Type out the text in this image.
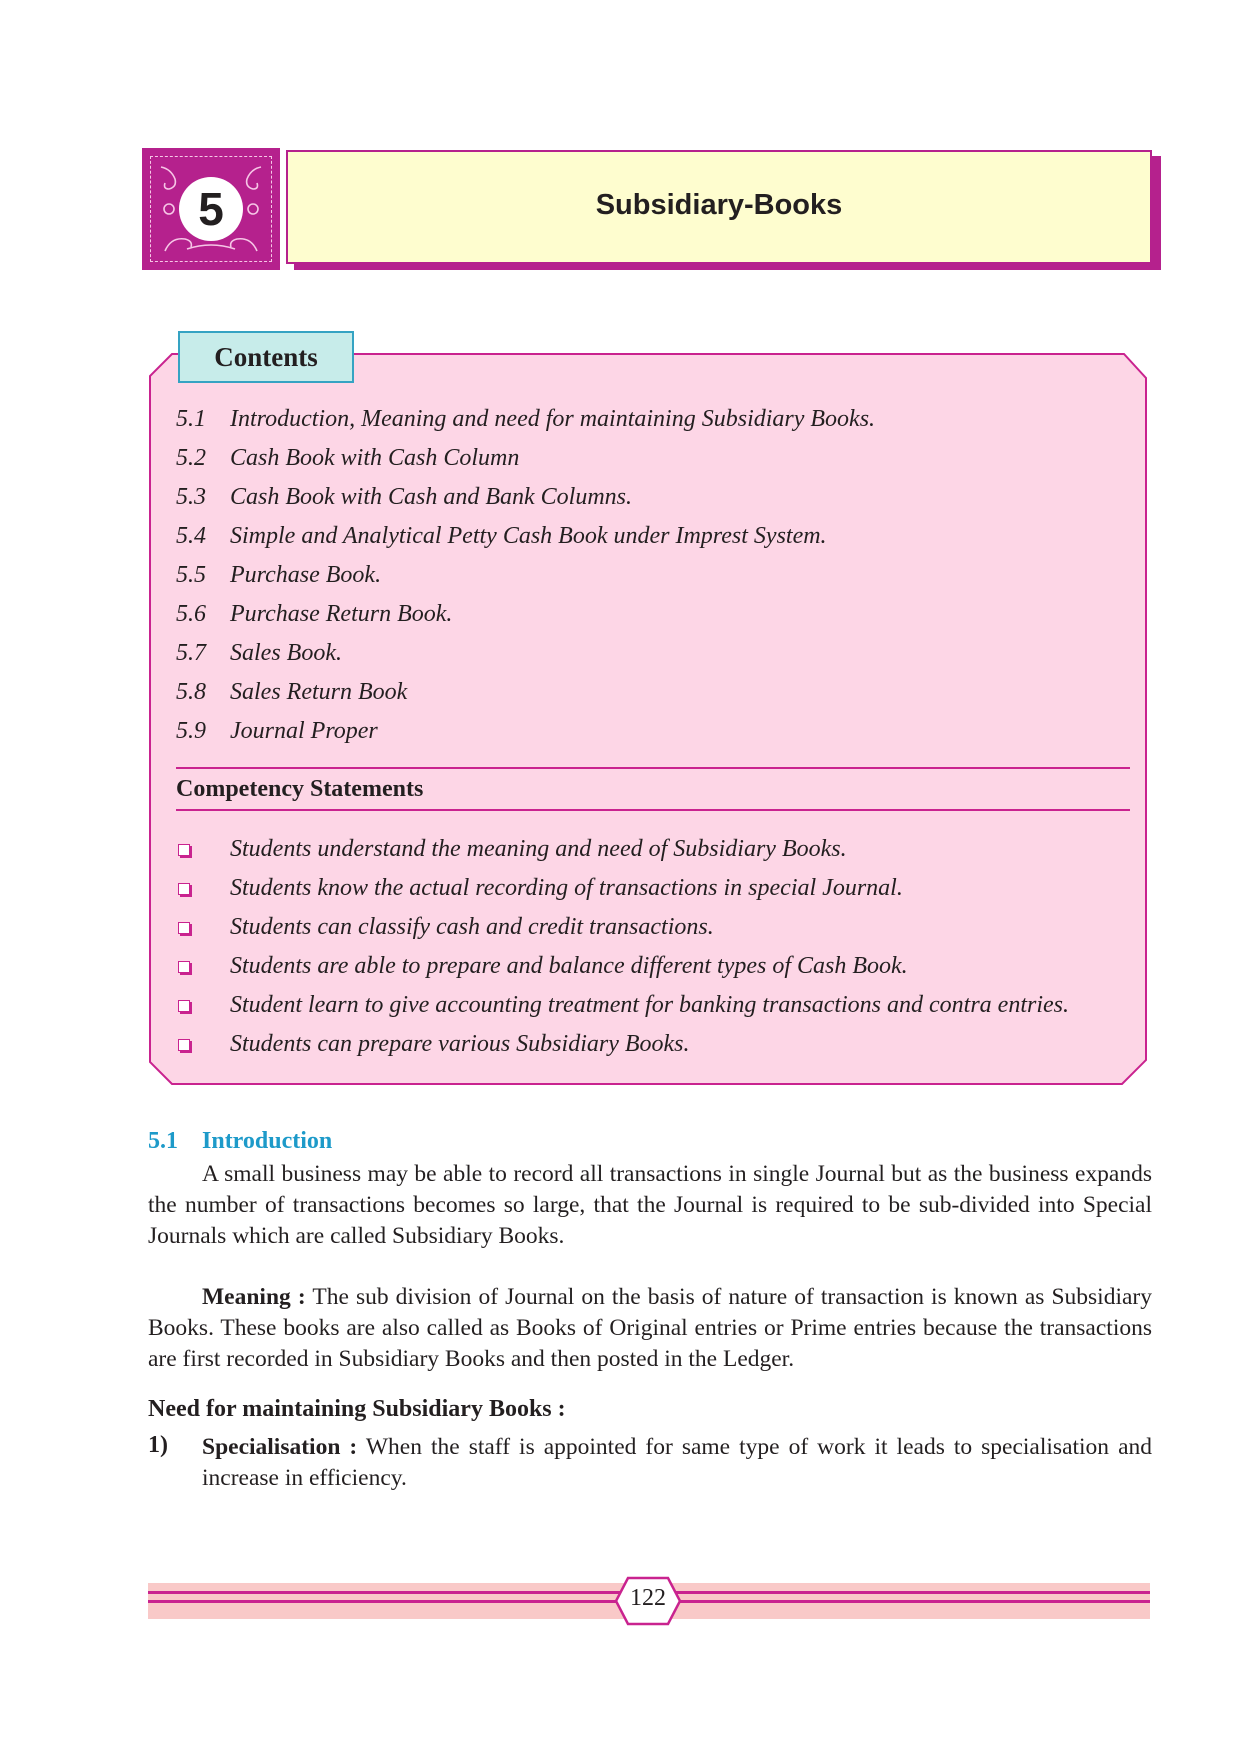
5	Subsidiary-Books
Contents
5.1	Introduction, Meaning and need for maintaining Subsidiary Books.
5.2	Cash Book with Cash Column
5.3	Cash Book with Cash and Bank Columns.
5.4	Simple and Analytical Petty Cash Book under Imprest System.
5.5	Purchase Book.
5.6	Purchase Return Book.
5.7	Sales Book.
5.8	Sales Return Book
5.9	Journal Proper
Competency Statements
Students understand the meaning and need of Subsidiary Books.
Students know the actual recording of transactions in special Journal.
Students can classify cash and credit transactions.
Students are able to prepare and balance different types of Cash Book.
Student learn to give accounting treatment for banking transactions and contra entries.
Students can prepare various Subsidiary Books.
5.1 Introduction
A small business may be able to record all transactions in single Journal but as the business expands the number of transactions becomes so large, that the Journal is required to be sub-divided into Special Journals which are called Subsidiary Books.
Meaning : The sub division of Journal on the basis of nature of transaction is known as Subsidiary Books. These books are also called as Books of Original entries or Prime entries because the transactions are first recorded in Subsidiary Books and then posted in the Ledger.
Need for maintaining Subsidiary Books :
1) Specialisation : When the staff is appointed for same type of work it leads to specialisation and increase in efficiency.
122
